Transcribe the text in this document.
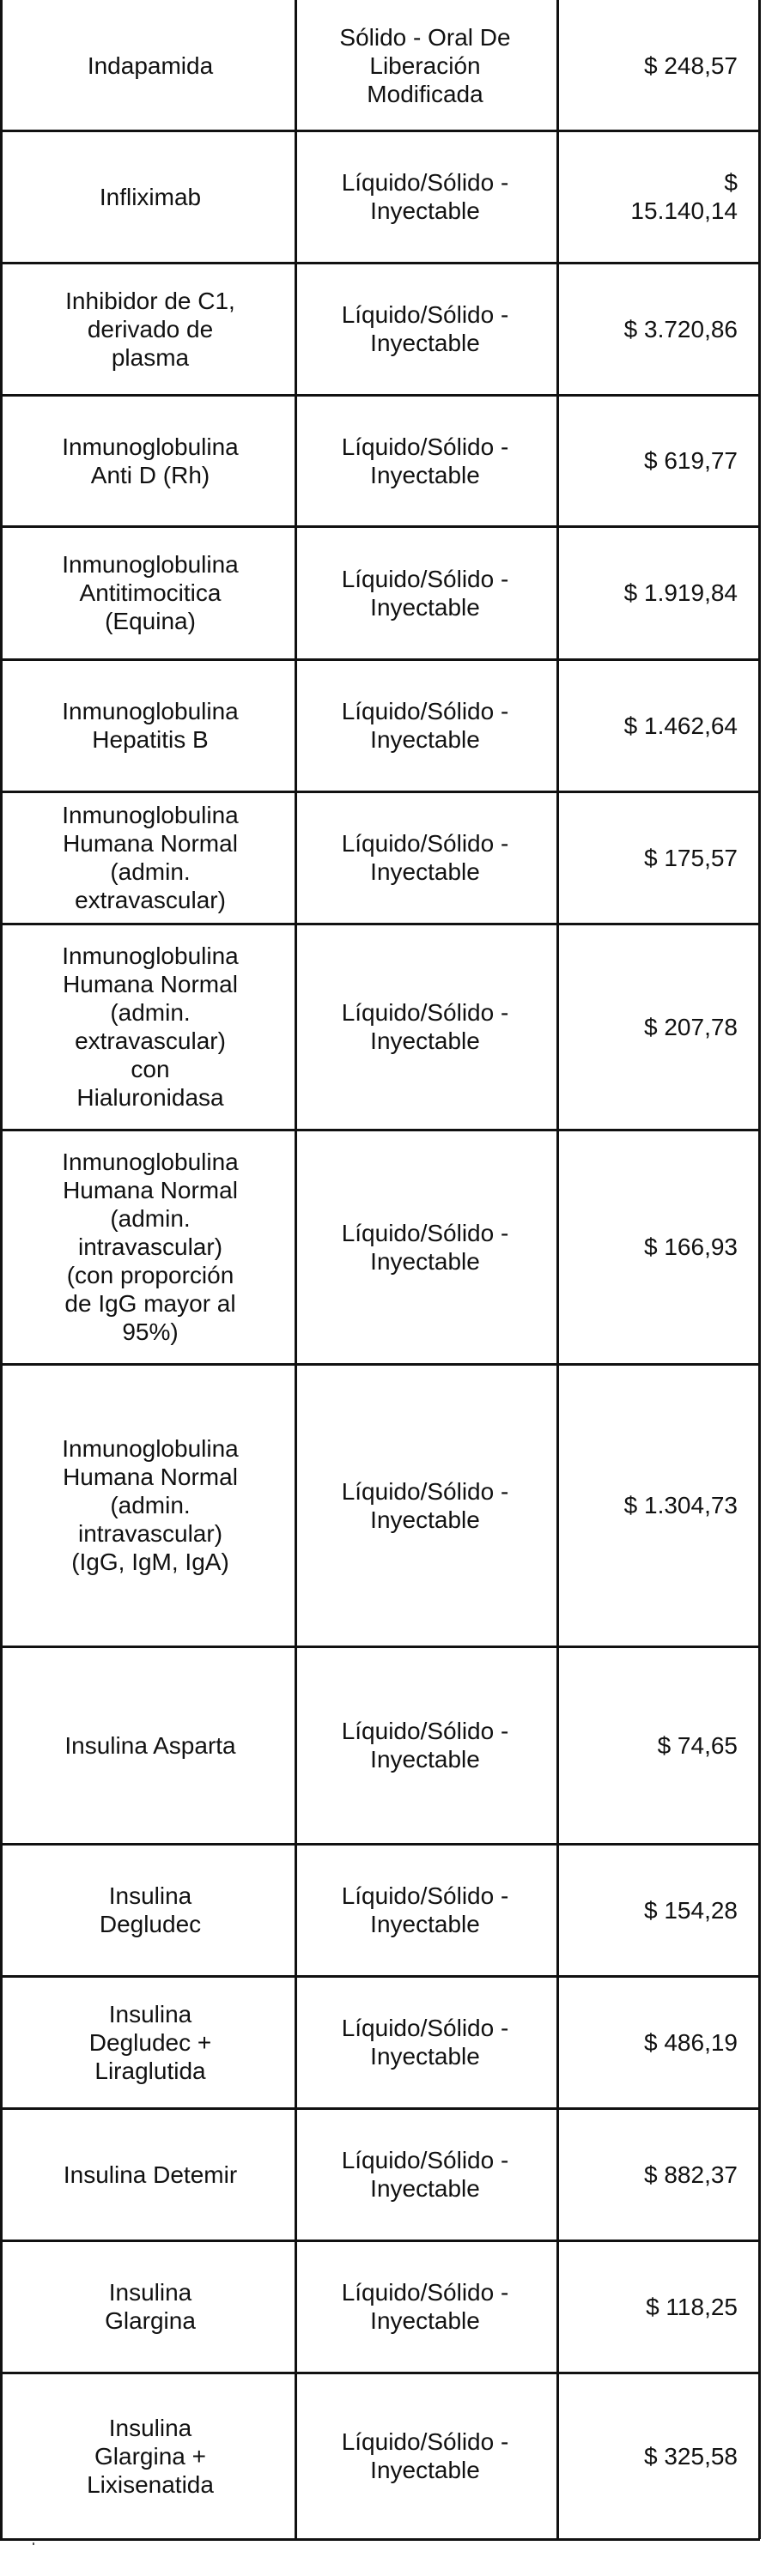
Indapamida
Sólido - Oral De
Liberación
Modificada
$ 248,57
Infliximab
Líquido/Sólido -
Inyectable
$
15.140,14
Inhibidor de C1,
derivado de
plasma
Líquido/Sólido -
Inyectable
$ 3.720,86
Inmunoglobulina
Anti D (Rh)
Líquido/Sólido -
Inyectable
$ 619,77
Inmunoglobulina
Antitimocitica
(Equina)
Líquido/Sólido -
Inyectable
$ 1.919,84
Inmunoglobulina
Hepatitis B
Líquido/Sólido -
Inyectable
$ 1.462,64
Inmunoglobulina
Humana Normal
(admin.
extravascular)
Líquido/Sólido -
Inyectable
$ 175,57
Inmunoglobulina
Humana Normal
(admin.
extravascular)
con
Hialuronidasa
Líquido/Sólido -
Inyectable
$ 207,78
Inmunoglobulina
Humana Normal
(admin.
intravascular)
(con proporción
de IgG mayor al
95%)
Líquido/Sólido -
Inyectable
$ 166,93
Inmunoglobulina
Humana Normal
(admin.
intravascular)
(IgG, IgM, IgA)
Líquido/Sólido -
Inyectable
$ 1.304,73
Insulina Asparta
Líquido/Sólido -
Inyectable
$ 74,65
Insulina
Degludec
Líquido/Sólido -
Inyectable
$ 154,28
Insulina
Degludec +
Liraglutida
Líquido/Sólido -
Inyectable
$ 486,19
Insulina Detemir
Líquido/Sólido -
Inyectable
$ 882,37
Insulina
Glargina
Líquido/Sólido -
Inyectable
$ 118,25
Insulina
Glargina +
Lixisenatida
Líquido/Sólido -
Inyectable
$ 325,58
